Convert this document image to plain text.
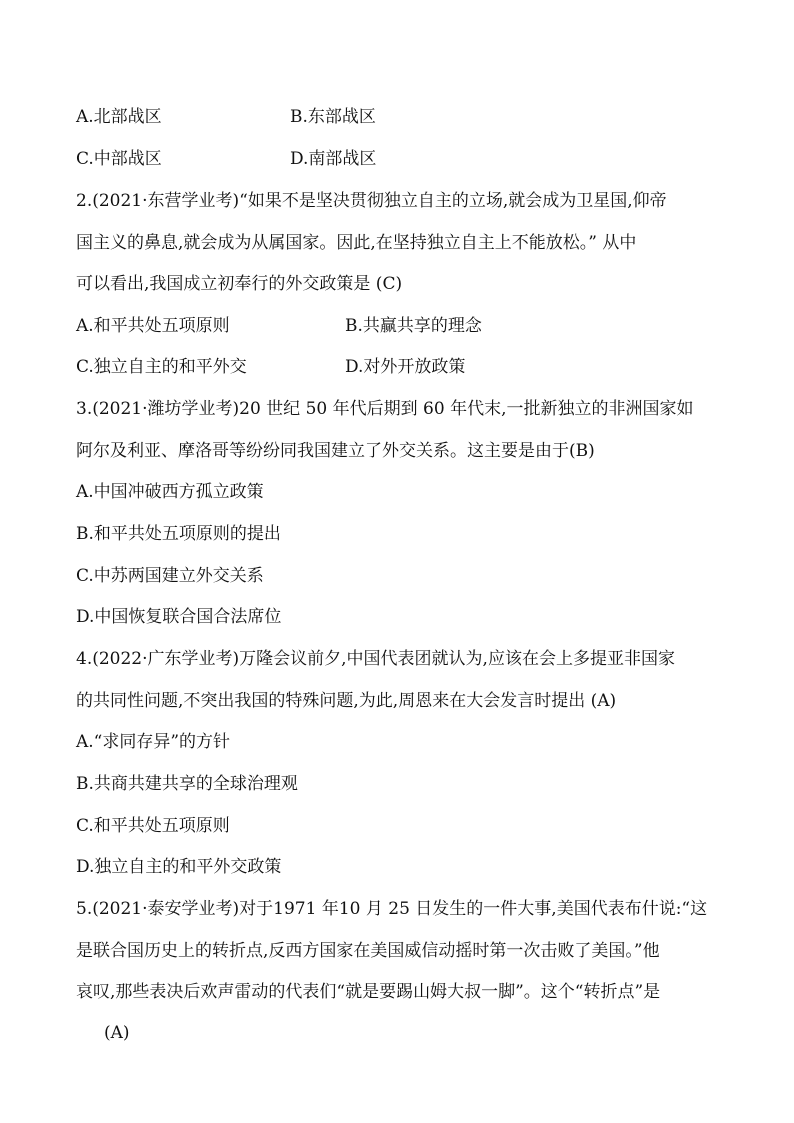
A.北部战区	B.东部战区
C.中部战区	D.南部战区
2.(2021·东营学业考)“如果不是坚决贯彻独立自主的立场,就会成为卫星国,仰帝
国主义的鼻息,就会成为从属国家。因此,在坚持独立自主上不能放松。” 从中
可以看出,我国成立初奉行的外交政策是 (C)
A.和平共处五项原则	B.共赢共享的理念
C.独立自主的和平外交	D.对外开放政策
3.(2021·潍坊学业考)20 世纪 50 年代后期到 60 年代末,一批新独立的非洲国家如
阿尔及利亚、摩洛哥等纷纷同我国建立了外交关系。这主要是由于(B)
A.中国冲破西方孤立政策
B.和平共处五项原则的提出
C.中苏两国建立外交关系
D.中国恢复联合国合法席位
4.(2022·广东学业考)万隆会议前夕,中国代表团就认为,应该在会上多提亚非国家
的共同性问题,不突出我国的特殊问题,为此,周恩来在大会发言时提出 (A)
A.“求同存异”的方针
B.共商共建共享的全球治理观
C.和平共处五项原则
D.独立自主的和平外交政策
5.(2021·泰安学业考)对于1971 年10 月 25 日发生的一件大事,美国代表布什说:“这
是联合国历史上的转折点,反西方国家在美国威信动摇时第一次击败了美国。”他
哀叹,那些表决后欢声雷动的代表们“就是要踢山姆大叔一脚”。这个“转折点”是
(A)
